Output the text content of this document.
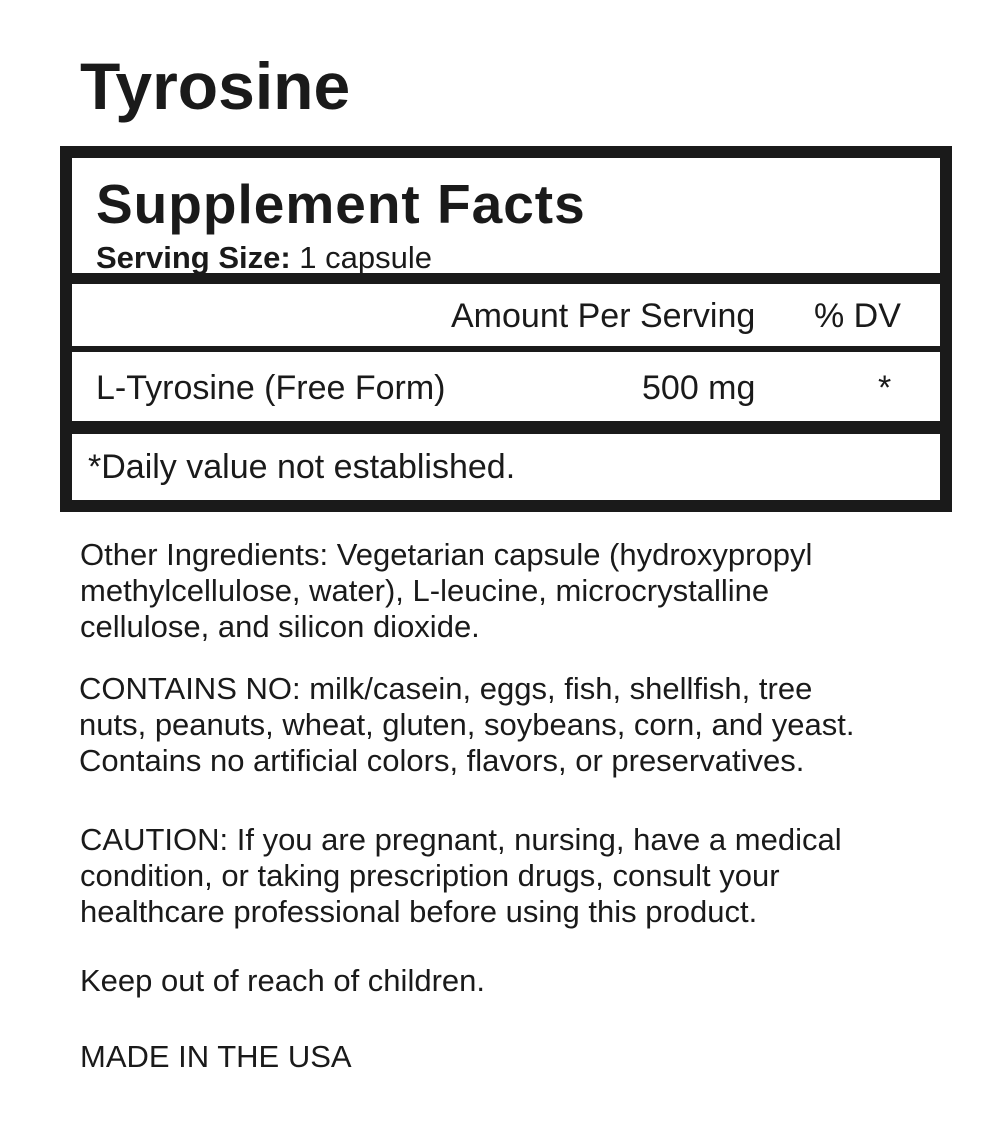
Tyrosine
Supplement Facts
Serving Size: 1 capsule
Amount Per Serving % DV
L-Tyrosine (Free Form)	500 mg	*
*Daily value not established.
Other Ingredients: Vegetarian capsule (hydroxypropyl
methylcellulose, water), L-leucine, microcrystalline
cellulose, and silicon dioxide.
CONTAINS NO: milk/casein, eggs, fish, shellfish, tree
nuts, peanuts, wheat, gluten, soybeans, corn, and yeast.
Contains no artificial colors, flavors, or preservatives.
CAUTION: If you are pregnant, nursing, have a medical
condition, or taking prescription drugs, consult your
healthcare professional before using this product.
Keep out of reach of children.
MADE IN THE USA
